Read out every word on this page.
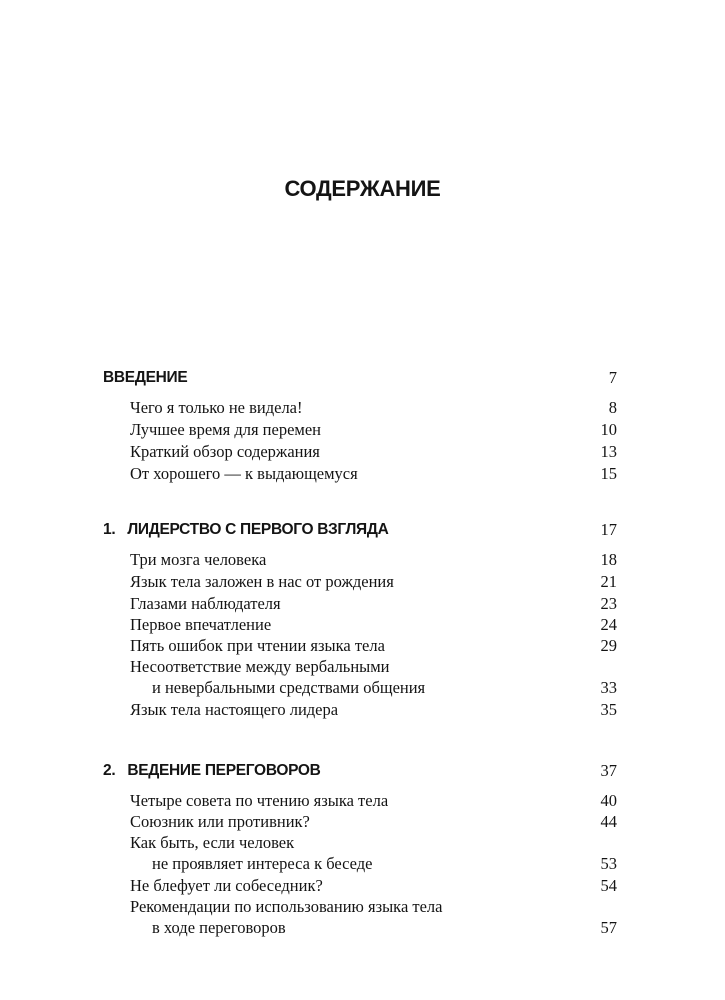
СОДЕРЖАНИЕ
ВВЕДЕНИЕ	7
Чего я только не видела!	8
Лучшее время для перемен	10
Краткий обзор содержания	13
От хорошего — к выдающемуся	15
1. ЛИДЕРСТВО С ПЕРВОГО ВЗГЛЯДА	17
Три мозга человека	18
Язык тела заложен в нас от рождения	21
Глазами наблюдателя	23
Первое впечатление	24
Пять ошибок при чтении языка тела	29
Несоответствие между вербальными
и невербальными средствами общения	33
Язык тела настоящего лидера	35
2. ВЕДЕНИЕ ПЕРЕГОВОРОВ	37
Четыре совета по чтению языка тела	40
Союзник или противник?	44
Как быть, если человек
не проявляет интереса к беседе	53
Не блефует ли собеседник?	54
Рекомендации по использованию языка тела
в ходе переговоров	57
